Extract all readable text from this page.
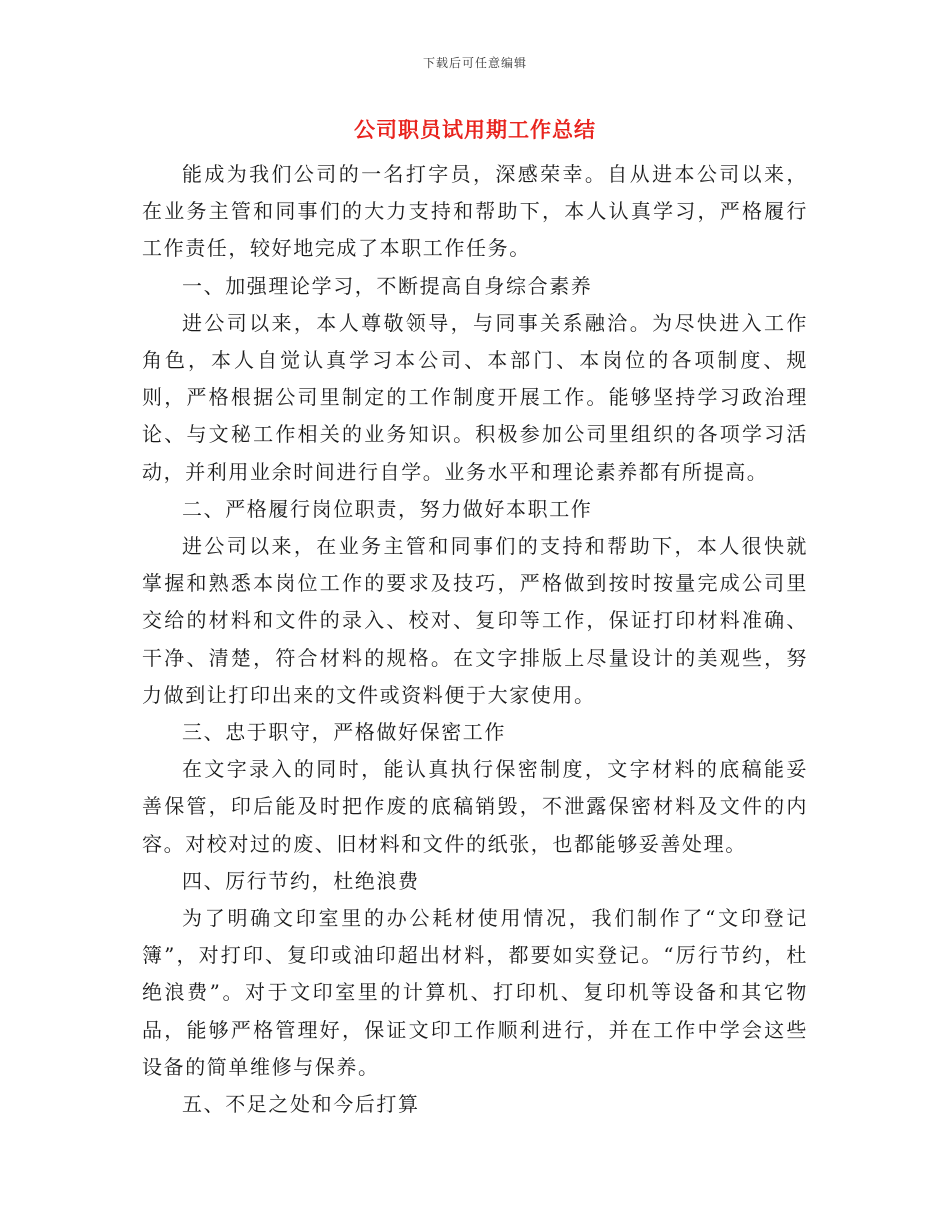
下载后可任意编辑
公司职员试用期工作总结

能成为我们公司的一名打字员，深感荣幸。自从进本公司以来，在业务主管和同事们的大力支持和帮助下，本人认真学习，严格履行工作责任，较好地完成了本职工作任务。

一、加强理论学习，不断提高自身综合素养

进公司以来，本人尊敬领导，与同事关系融洽。为尽快进入工作角色，本人自觉认真学习本公司、本部门、本岗位的各项制度、规则，严格根据公司里制定的工作制度开展工作。能够坚持学习政治理论、与文秘工作相关的业务知识。积极参加公司里组织的各项学习活动，并利用业余时间进行自学。业务水平和理论素养都有所提高。

二、严格履行岗位职责，努力做好本职工作

进公司以来，在业务主管和同事们的支持和帮助下，本人很快就掌握和熟悉本岗位工作的要求及技巧，严格做到按时按量完成公司里交给的材料和文件的录入、校对、复印等工作，保证打印材料准确、干净、清楚，符合材料的规格。在文字排版上尽量设计的美观些，努力做到让打印出来的文件或资料便于大家使用。

三、忠于职守，严格做好保密工作

在文字录入的同时，能认真执行保密制度，文字材料的底稿能妥善保管，印后能及时把作废的底稿销毁，不泄露保密材料及文件的内容。对校对过的废、旧材料和文件的纸张，也都能够妥善处理。

四、厉行节约，杜绝浪费

为了明确文印室里的办公耗材使用情况，我们制作了“文印登记簿”，对打印、复印或油印超出材料，都要如实登记。“厉行节约，杜绝浪费”。对于文印室里的计算机、打印机、复印机等设备和其它物品，能够严格管理好，保证文印工作顺利进行，并在工作中学会这些设备的简单维修与保养。

五、不足之处和今后打算
